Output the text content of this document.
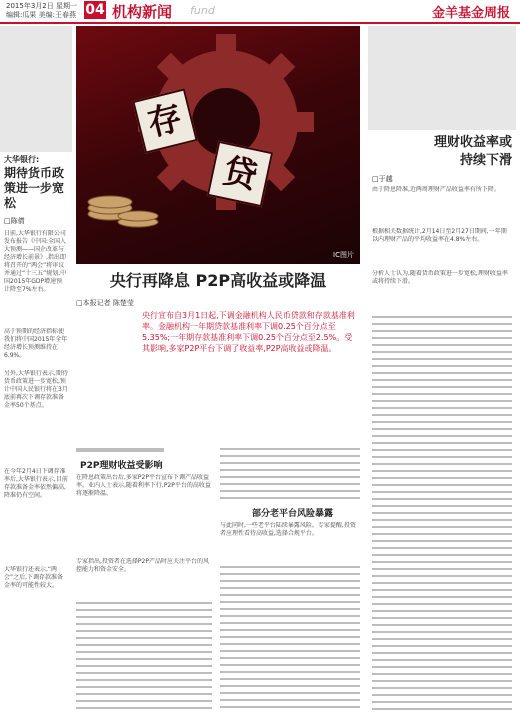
2015年3月2日 星期一
编辑:瓜果 美编:王春燕 04 机构新闻 fund	金羊基金周报
大华银行:
期待货币政策进一步宽松
□陈倩
日前,大华银行有限公司发布报告《中国:全国人大预测——国企改革与经济增长前景》,指出即将召开的“两会”将审议并通过“十三五”规划,中国2015年GDP增速预计降至7%左右。
高于预期的经济指标使我们将中国2015年全年经济增长预测维持在6.9%。
另外,大华银行表示,期待货币政策进一步宽松,预计中国人民银行将在3月底前再次下调存款准备金率50个基点。
在今年2月4日下调存准率后,大华银行表示,目前存款准备金率依然偏高,降准仍有空间。
大华银行还表示,“两会”之后,下调存款准备金率的可能性较大。
存
贷
IC图片
理财收益率或持续下滑
□于越
由于降息降准,近两周理财产品收益率有所下降。
根据相关数据统计,2月14日至2月27日期间,一年期以内理财产品的平均收益率在4.8%左右。
分析人士认为,随着货币政策进一步宽松,理财收益率或将持续下滑。
央行再降息 P2P高收益或降温
□本报记者 陈楚莹
央行宣布自3月1日起,下调金融机构人民币贷款和存款基准利率。金融机构一年期贷款基准利率下调0.25个百分点至5.35%;一年期存款基准利率下调0.25个百分点至2.5%。受其影响,多家P2P平台下调了收益率,P2P高收益或降温。
P2P理财收益受影响
在降息政策出台后,多家P2P平台宣布下调产品收益率。业内人士表示,随着利率下行,P2P平台的高收益将逐渐降温。
专家指出,投资者在选择P2P产品时应关注平台的风控能力和资金安全。
部分老平台风险暴露
与此同时,一些老平台陆续暴露风险。专家提醒,投资者应理性看待高收益,选择合规平台。
